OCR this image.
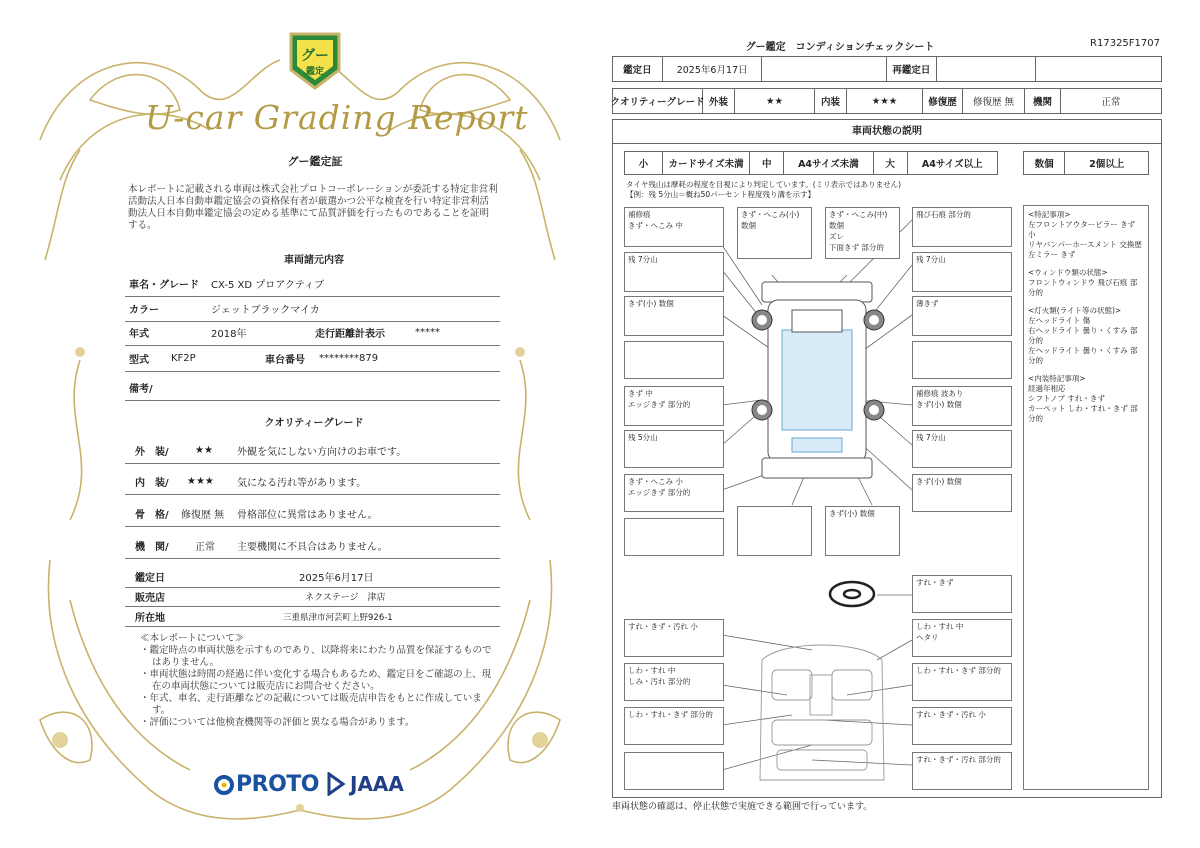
グー
鑑定
U-car Grading Report
グー鑑定証
本レポートに記載される車両は株式会社プロトコーポレーションが委託する特定非営利活動法人日本自動車鑑定協会の資格保有者が厳選かつ公平な検査を行い特定非営利活動法人日本自動車鑑定協会の定める基準にて品質評価を行ったものであることを証明する。
車両諸元内容
車名・グレード CX-5 XD プロアクティブ
カラー	ジェットブラックマイカ
年式	2018年	走行距離計表示	*****
型式 KF2P	車台番号 ********879
備考/
クオリティーグレード
外　装/	★★ 外観を気にしない方向けのお車です。
内　装/ ★★★ 気になる汚れ等があります。
骨　格/ 修復歴 無 骨格部位に異常はありません。
機　関/	正常 主要機関に不具合はありません。
鑑定日	2025年6月17日
販売店	ネクステージ　津店
所在地	三重県津市河芸町上野926-1
≪本レポートについて≫
・鑑定時点の車両状態を示すものであり、以降将来にわたり品質を保証するものではありません。
・車両状態は時間の経過に伴い変化する場合もあるため、鑑定日をご確認の上、現在の車両状態については販売店にお問合せください。
・年式、車名、走行距離などの記載については販売店申告をもとに作成しています。
・評価については他検査機関等の評価と異なる場合があります。
PROTO JAAA
グー鑑定　コンディションチェックシート	R17325F1707
鑑定日	2025年6月17日	再鑑定日
クオリティーグレード 外装	★★	内装	★★★	修復歴	修復歴 無	機関	正常
車両状態の説明
小	カードサイズ未満	中	A4サイズ未満	大	A4サイズ以上	数個	2個以上
タイヤ残山は摩耗の程度を目視により判定しています。(ミリ表示ではありません)
【例：残 5分山＝概ね50パーセント程度残り溝を示す】
補修痕
きず・へこみ 中
きず・へこみ(小) 数個
きず・へこみ(中) 数個
ズレ
下面きず 部分的
飛び石痕 部分的
残 7分山	残 7分山
きず(小) 数個	薄きず
きず 中
エッジきず 部分的
補修痕 波あり
きず(小) 数個
残 5分山	残 7分山
きず・へこみ 小
エッジきず 部分的
きず(小) 数個
きず(小) 数個
すれ・きず
すれ・きず・汚れ 小	しわ・すれ 中
ヘタリ
しわ・すれ 中
しみ・汚れ 部分的
しわ・すれ・きず 部分的
しわ・すれ・きず 部分的	すれ・きず・汚れ 小
すれ・きず・汚れ 部分的
<特記事項>
左フロントアウターピラー きず 小
リヤバンパーホースメント 交換歴
左ミラー きず
<ウィンドウ類の状態>
フロントウィンドウ 飛び石痕 部分的
<灯火類(ライト等の状態)>
左ヘッドライト 傷
右ヘッドライト 曇り・くすみ 部分的
左ヘッドライト 曇り・くすみ 部分的
<内装特記事項>
経過年相応
シフトノブ すれ・きず
カーペット しわ・すれ・きず 部分的
車両状態の確認は、停止状態で実施できる範囲で行っています。
